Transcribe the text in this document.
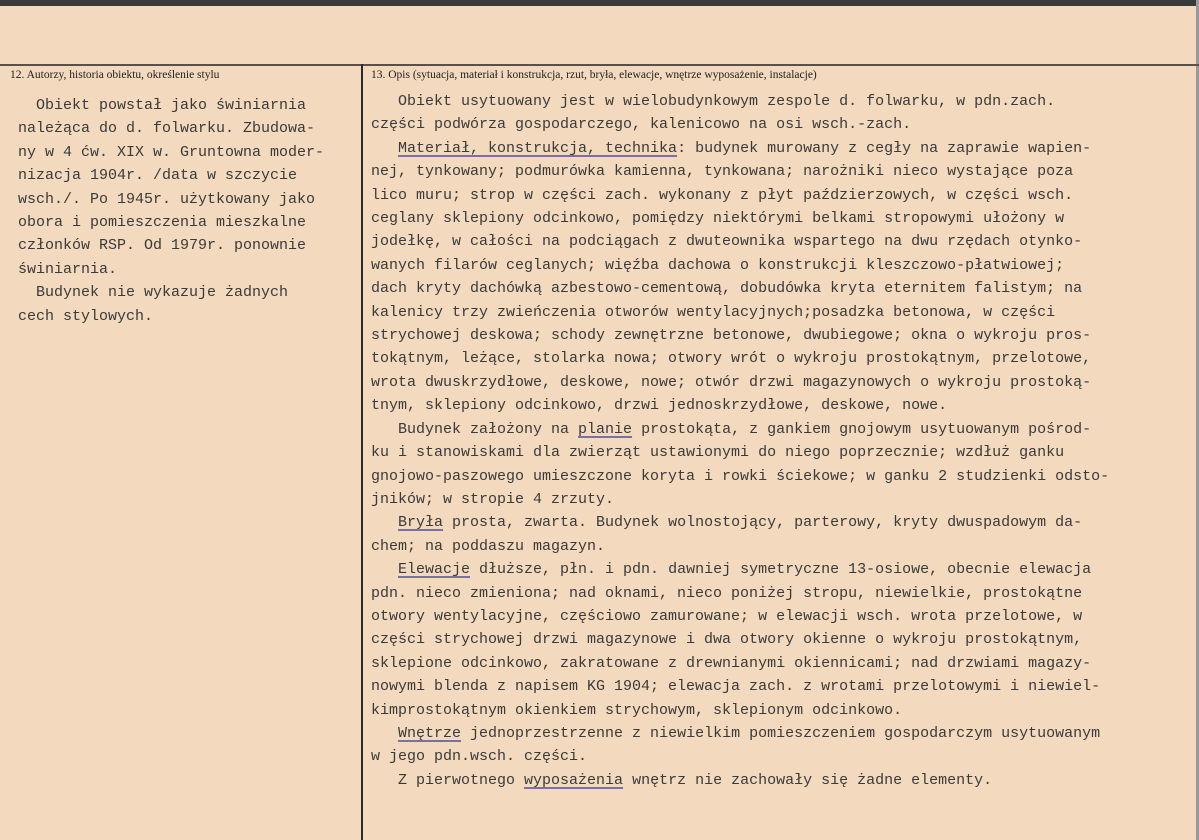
12. Autorzy, historia obiektu, określenie stylu	13. Opis (sytuacja, materiał i konstrukcja, rzut, bryła, elewacje, wnętrze wyposażenie, instalacje)
Obiekt powstał jako świniarnia
należąca do d. folwarku. Zbudowa-
ny w 4 ćw. XIX w. Gruntowna moder-
nizacja 1904r. /data w szczycie
wsch./. Po 1945r. użytkowany jako
obora i pomieszczenia mieszkalne
członków RSP. Od 1979r. ponownie
świniarnia.
Budynek nie wykazuje żadnych
cech stylowych.
Obiekt usytuowany jest w wielobudynkowym zespole d. folwarku, w pdn.zach.
części podwórza gospodarczego, kalenicowo na osi wsch.-zach.
Materiał, konstrukcja, technika: budynek murowany z cegły na zaprawie wapien-
nej, tynkowany; podmurówka kamienna, tynkowana; narożniki nieco wystające poza
lico muru; strop w części zach. wykonany z płyt paździerzowych, w części wsch.
ceglany sklepiony odcinkowo, pomiędzy niektórymi belkami stropowymi ułożony w
jodełkę, w całości na podciągach z dwuteownika wspartego na dwu rzędach otynko-
wanych filarów ceglanych; więźba dachowa o konstrukcji kleszczowo-płatwiowej;
dach kryty dachówką azbestowo-cementową, dobudówka kryta eternitem falistym; na
kalenicy trzy zwieńczenia otworów wentylacyjnych;posadzka betonowa, w części
strychowej deskowa; schody zewnętrzne betonowe, dwubiegowe; okna o wykroju pros-
tokątnym, leżące, stolarka nowa; otwory wrót o wykroju prostokątnym, przelotowe,
wrota dwuskrzydłowe, deskowe, nowe; otwór drzwi magazynowych o wykroju prostoką-
tnym, sklepiony odcinkowo, drzwi jednoskrzydłowe, deskowe, nowe.
Budynek założony na planie prostokąta, z gankiem gnojowym usytuowanym pośrod-
ku i stanowiskami dla zwierząt ustawionymi do niego poprzecznie; wzdłuż ganku
gnojowo-paszowego umieszczone koryta i rowki ściekowe; w ganku 2 studzienki odsto-
jników; w stropie 4 zrzuty.
Bryła prosta, zwarta. Budynek wolnostojący, parterowy, kryty dwuspadowym da-
chem; na poddaszu magazyn.
Elewacje dłuższe, płn. i pdn. dawniej symetryczne 13-osiowe, obecnie elewacja
pdn. nieco zmieniona; nad oknami, nieco poniżej stropu, niewielkie, prostokątne
otwory wentylacyjne, częściowo zamurowane; w elewacji wsch. wrota przelotowe, w
części strychowej drzwi magazynowe i dwa otwory okienne o wykroju prostokątnym,
sklepione odcinkowo, zakratowane z drewnianymi okiennicami; nad drzwiami magazy-
nowymi blenda z napisem KG 1904; elewacja zach. z wrotami przelotowymi i niewiel-
kimprostokątnym okienkiem strychowym, sklepionym odcinkowo.
Wnętrze jednoprzestrzenne z niewielkim pomieszczeniem gospodarczym usytuowanym
w jego pdn.wsch. części.
Z pierwotnego wyposażenia wnętrz nie zachowały się żadne elementy.
